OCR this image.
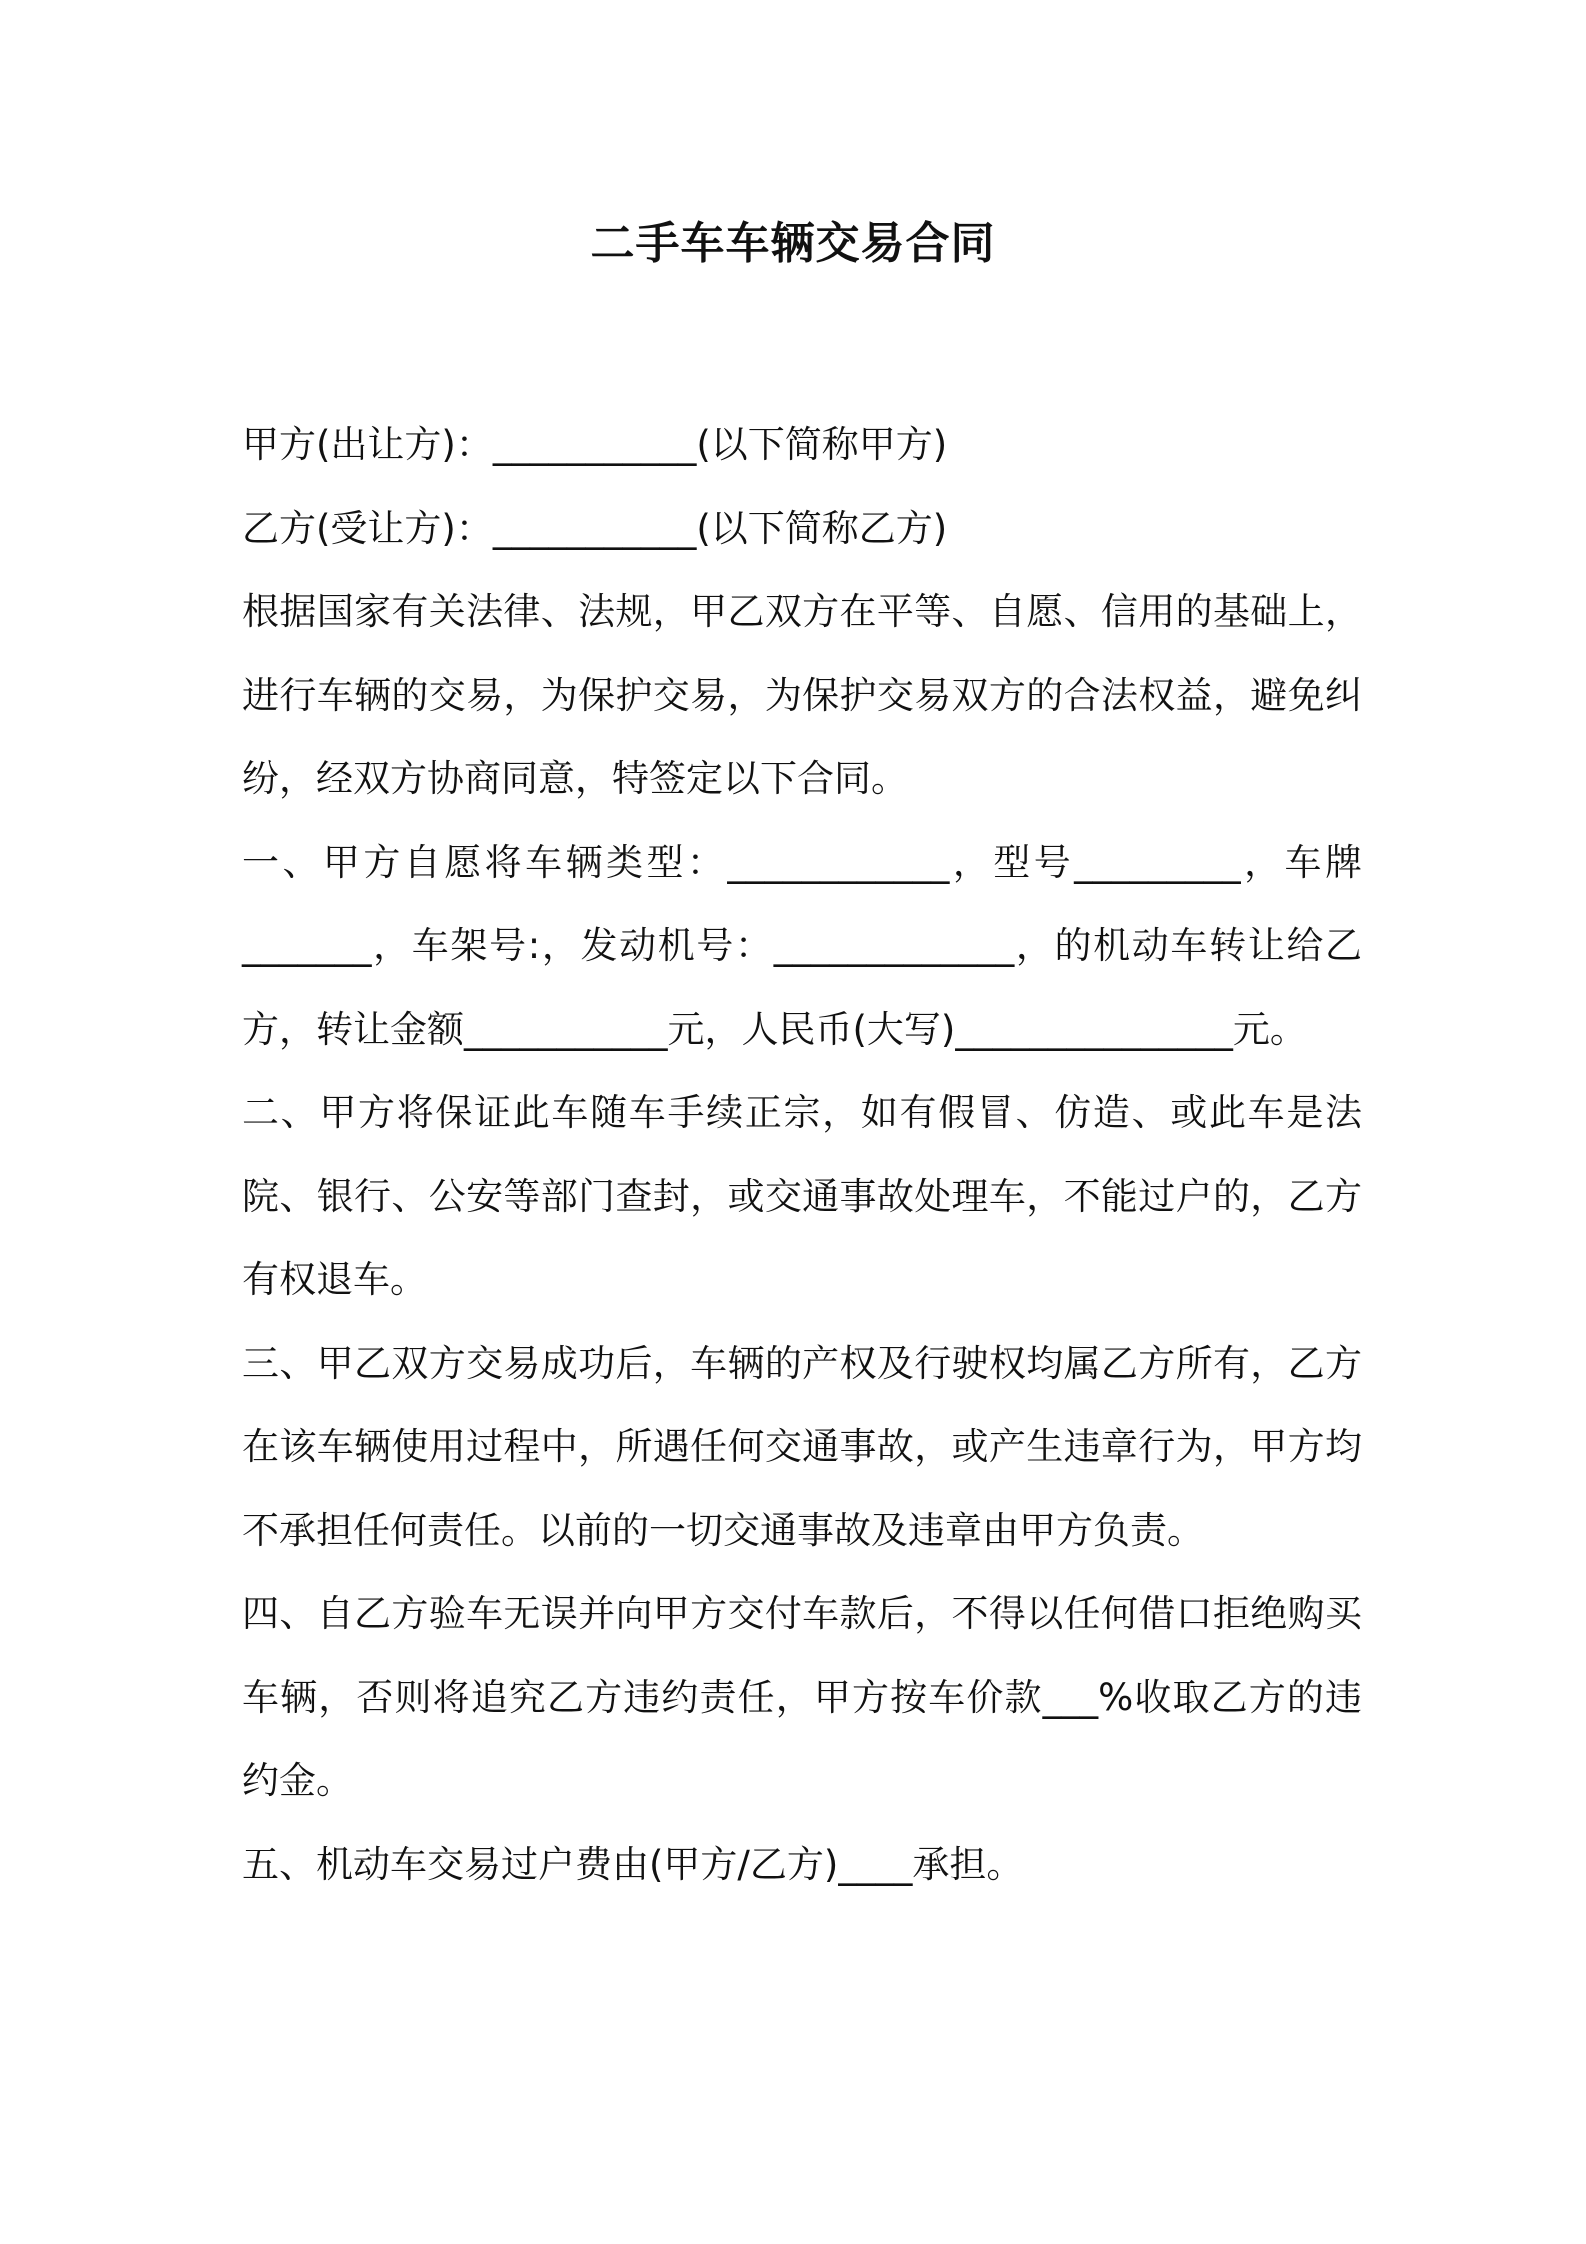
二手车车辆交易合同

甲方(出让方)：___________(以下简称甲方)

乙方(受让方)：___________(以下简称乙方)

根据国家有关法律、法规，甲乙双方在平等、自愿、信用的基础上，进行车辆的交易，为保护交易，为保护交易双方的合法权益，避免纠纷，经双方协商同意，特签定以下合同。

一、甲方自愿将车辆类型：____________，型号_________，车牌_______，车架号:，发动机号：_____________，的机动车转让给乙方，转让金额___________元，人民币(大写)_______________元。

二、甲方将保证此车随车手续正宗，如有假冒、仿造、或此车是法院、银行、公安等部门查封，或交通事故处理车，不能过户的，乙方有权退车。

三、甲乙双方交易成功后，车辆的产权及行驶权均属乙方所有，乙方在该车辆使用过程中，所遇任何交通事故，或产生违章行为，甲方均不承担任何责任。以前的一切交通事故及违章由甲方负责。

四、自乙方验车无误并向甲方交付车款后，不得以任何借口拒绝购买车辆，否则将追究乙方违约责任，甲方按车价款___%收取乙方的违约金。

五、机动车交易过户费由(甲方/乙方)____承担。
